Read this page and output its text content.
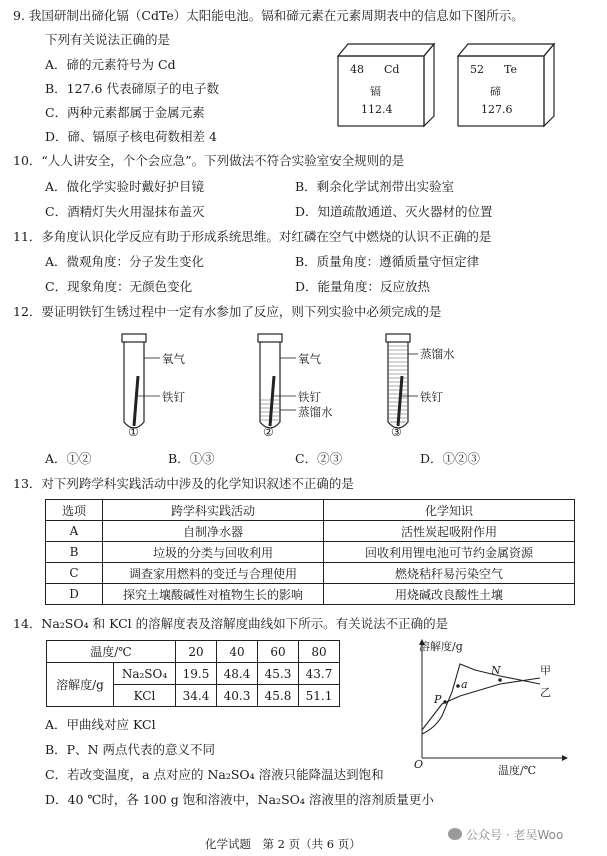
9. 我国研制出碲化镉（CdTe）太阳能电池。镉和碲元素在元素周期表中的信息如下图所示。
下列有关说法正确的是
A．碲的元素符号为 Cd
B．127.6 代表碲原子的电子数
C．两种元素都属于金属元素
D．碲、镉原子核电荷数相差 4
48 Cd
镉
112.4
52 Te
碲
127.6
10．“人人讲安全，个个会应急”。下列做法不符合实验室安全规则的是
A．做化学实验时戴好护目镜	B．剩余化学试剂带出实验室
C．酒精灯失火用湿抹布盖灭	D．知道疏散通道、灭火器材的位置
11．多角度认识化学反应有助于形成系统思维。对红磷在空气中燃烧的认识不正确的是
A．微观角度：分子发生变化	B．质量角度：遵循质量守恒定律
C．现象角度：无颜色变化	D．能量角度：反应放热
12．要证明铁钉生锈过程中一定有水参加了反应，则下列实验中必须完成的是
氧气
铁钉
①
氧气
铁钉
蒸馏水
②
蒸馏水
铁钉
③
A．①②	B．①③	C．②③	D．①②③
13．对下列跨学科实践活动中涉及的化学知识叙述不正确的是
选项	跨学科实践活动	化学知识
A	自制净水器	活性炭起吸附作用
B	垃圾的分类与回收利用	回收利用锂电池可节约金属资源
C	调查家用燃料的变迁与合理使用	燃烧秸秆易污染空气
D	探究土壤酸碱性对植物生长的影响	用烧碱改良酸性土壤
14．Na₂SO₄ 和 KCl 的溶解度表及溶解度曲线如下所示。有关说法不正确的是
温度/℃		20	40	60	80
溶解度/g	Na₂SO₄	19.5	48.4	45.3	43.7
	KCl	34.4	40.3	45.8	51.1
溶解度/g
温度/℃
O
甲
乙
P
N
a
A．甲曲线对应 KCl
B．P、N 两点代表的意义不同
C．若改变温度，a 点对应的 Na₂SO₄ 溶液只能降温达到饱和
D．40 ℃时，各 100 g 饱和溶液中，Na₂SO₄ 溶液里的溶剂质量更小
化学试题　第 2 页（共 6 页）
公众号 · 老吴Woo
